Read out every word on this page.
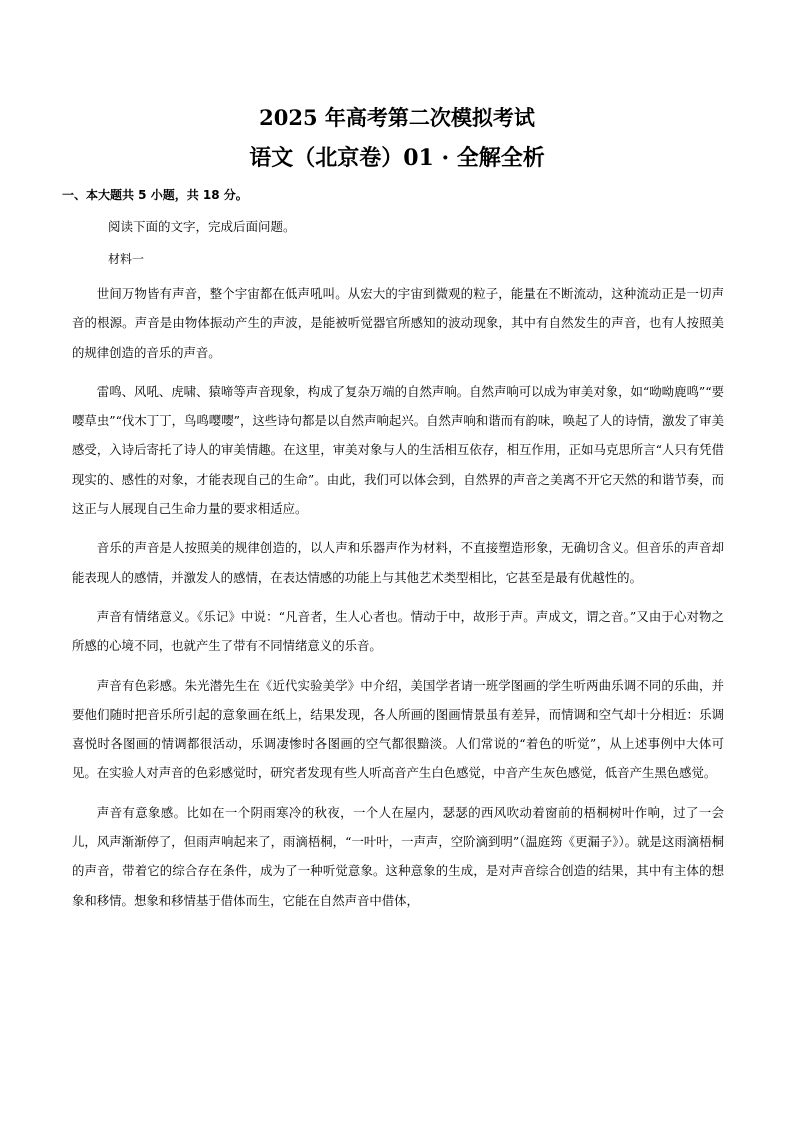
2025 年高考第二次模拟考试
语文（北京卷）01 · 全解全析
一、本大题共 5 小题，共 18 分。
阅读下面的文字，完成后面问题。
材料一

世间万物皆有声音，整个宇宙都在低声吼叫。从宏大的宇宙到微观的粒子，能量在不断流动，这种流动正是一切声音的根源。声音是由物体振动产生的声波，是能被听觉器官所感知的波动现象，其中有自然发生的声音，也有人按照美的规律创造的音乐的声音。

雷鸣、风吼、虎啸、猿啼等声音现象，构成了复杂万端的自然声响。自然声响可以成为审美对象，如“呦呦鹿鸣”“要嘤草虫”“伐木丁丁，鸟鸣嘤嘤”，这些诗句都是以自然声响起兴。自然声响和谐而有韵味，唤起了人的诗情，激发了审美感受，入诗后寄托了诗人的审美情趣。在这里，审美对象与人的生活相互依存，相互作用，正如马克思所言“人只有凭借现实的、感性的对象，才能表现自己的生命”。由此，我们可以体会到，自然界的声音之美离不开它天然的和谐节奏，而这正与人展现自己生命力量的要求相适应。

音乐的声音是人按照美的规律创造的，以人声和乐器声作为材料，不直接塑造形象，无确切含义。但音乐的声音却能表现人的感情，并激发人的感情，在表达情感的功能上与其他艺术类型相比，它甚至是最有优越性的。

声音有情绪意义。《乐记》中说：“凡音者，生人心者也。情动于中，故形于声。声成文，谓之音。”又由于心对物之所感的心境不同，也就产生了带有不同情绪意义的乐音。

声音有色彩感。朱光潜先生在《近代实验美学》中介绍，美国学者请一班学图画的学生听两曲乐调不同的乐曲，并要他们随时把音乐所引起的意象画在纸上，结果发现，各人所画的图画情景虽有差异，而情调和空气却十分相近：乐调喜悦时各图画的情调都很活动，乐调凄惨时各图画的空气都很黯淡。人们常说的“着色的听觉”，从上述事例中大体可见。在实验人对声音的色彩感觉时，研究者发现有些人听高音产生白色感觉，中音产生灰色感觉，低音产生黑色感觉。

声音有意象感。比如在一个阴雨寒冷的秋夜，一个人在屋内，瑟瑟的西风吹动着窗前的梧桐树叶作响，过了一会儿，风声渐渐停了，但雨声响起来了，雨滴梧桐，“一叶叶，一声声，空阶滴到明”（温庭筠《更漏子》）。就是这雨滴梧桐的声音，带着它的综合存在条件，成为了一种听觉意象。这种意象的生成，是对声音综合创造的结果，其中有主体的想象和移情。想象和移情基于借体而生，它能在自然声音中借体，
